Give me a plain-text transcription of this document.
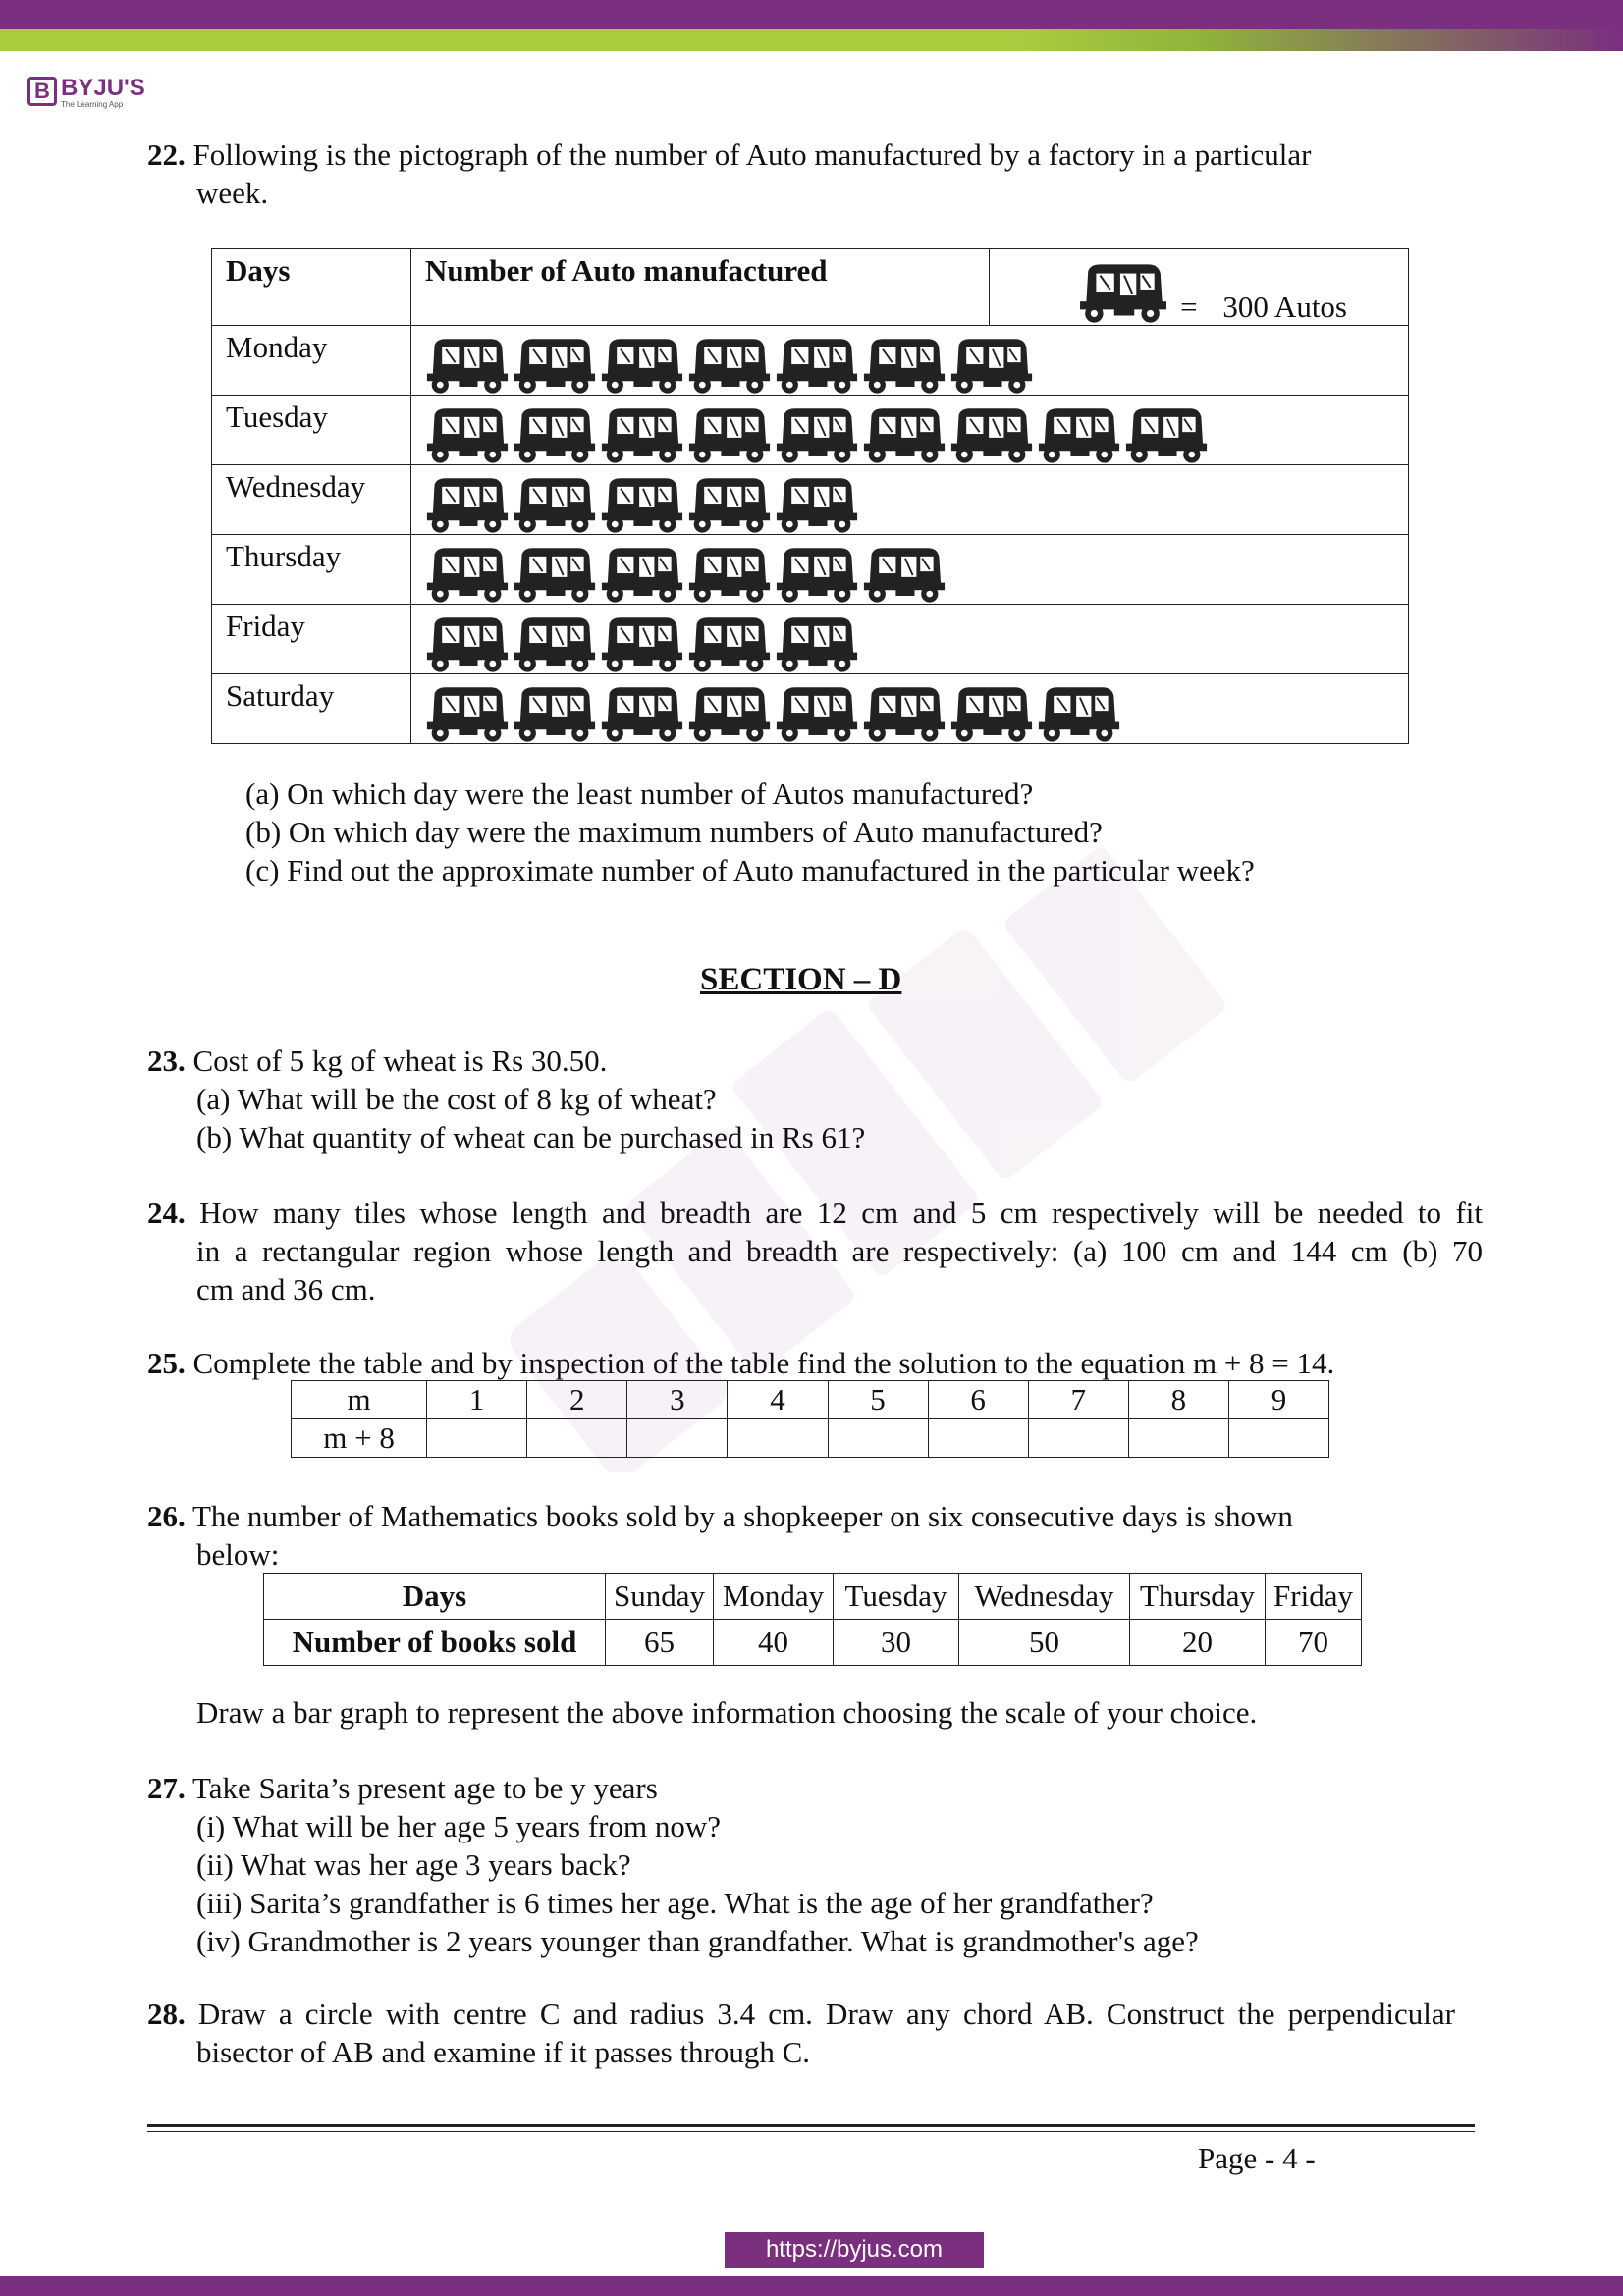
B BYJU'S
The Learning App
22. Following is the pictograph of the number of Auto manufactured by a factory in a particular
week.
Days	Number of Auto manufactured	= 300 Autos
Monday	
Tuesday	
Wednesday	
Thursday	
Friday	
Saturday	
(a) On which day were the least number of Autos manufactured?
(b) On which day were the maximum numbers of Auto manufactured?
(c) Find out the approximate number of Auto manufactured in the particular week?
SECTION – D
23. Cost of 5 kg of wheat is Rs 30.50.
(a) What will be the cost of 8 kg of wheat?
(b) What quantity of wheat can be purchased in Rs 61?
24. How many tiles whose length and breadth are 12 cm and 5 cm respectively will be needed to fit
in a rectangular region whose length and breadth are respectively: (a) 100 cm and 144 cm (b) 70
cm and 36 cm.
25. Complete the table and by inspection of the table find the solution to the equation m + 8 = 14.
m	1	2	3	4	5	6	7	8	9
m + 8									
26. The number of Mathematics books sold by a shopkeeper on six consecutive days is shown
below:
Days	Sunday	Monday	Tuesday	Wednesday	Thursday	Friday
Number of books sold	65	40	30	50	20	70
Draw a bar graph to represent the above information choosing the scale of your choice.
27. Take Sarita’s present age to be y years
(i) What will be her age 5 years from now?
(ii) What was her age 3 years back?
(iii) Sarita’s grandfather is 6 times her age. What is the age of her grandfather?
(iv) Grandmother is 2 years younger than grandfather. What is grandmother's age?
28. Draw a circle with centre C and radius 3.4 cm. Draw any chord AB. Construct the perpendicular
bisector of AB and examine if it passes through C.
Page - 4 -
https://byjus.com
